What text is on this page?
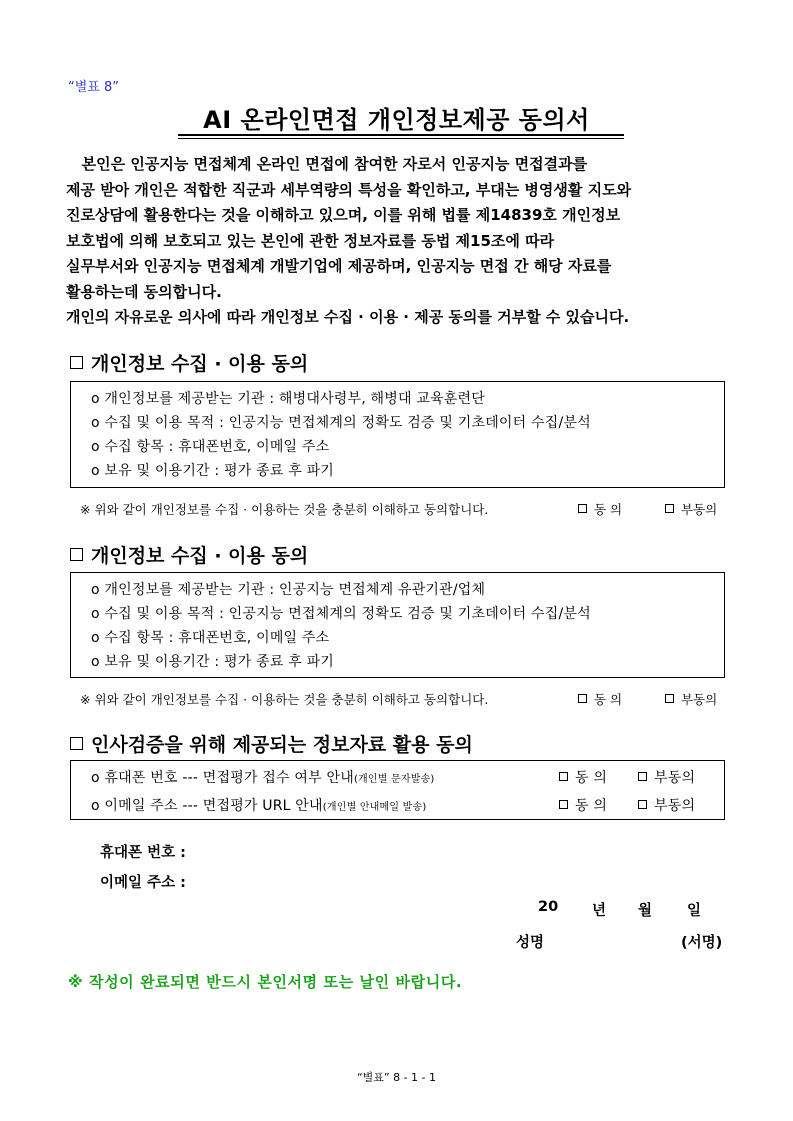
“별표 8”
AI 온라인면접 개인정보제공 동의서
본인은 인공지능 면접체계 온라인 면접에 참여한 자로서 인공지능 면접결과를
제공 받아 개인은 적합한 직군과 세부역량의 특성을 확인하고, 부대는 병영생활 지도와
진로상담에 활용한다는 것을 이해하고 있으며, 이를 위해 법률 제14839호 개인정보
보호법에 의해 보호되고 있는 본인에 관한 정보자료를 동법 제15조에 따라
실무부서와 인공지능 면접체계 개발기업에 제공하며, 인공지능 면접 간 해당 자료를
활용하는데 동의합니다.
개인의 자유로운 의사에 따라 개인정보 수집 · 이용 · 제공 동의를 거부할 수 있습니다.
개인정보 수집 · 이용 동의
o 개인정보를 제공받는 기관 : 해병대사령부, 해병대 교육훈련단
o 수집 및 이용 목적 : 인공지능 면접체계의 정확도 검증 및 기초데이터 수집/분석
o 수집 항목 : 휴대폰번호, 이메일 주소
o 보유 및 이용기간 : 평가 종료 후 파기
※ 위와 같이 개인정보를 수집 · 이용하는 것을 충분히 이해하고 동의합니다.	동 의	부동의
개인정보 수집 · 이용 동의
o 개인정보를 제공받는 기관 : 인공지능 면접체계 유관기관/업체
o 수집 및 이용 목적 : 인공지능 면접체계의 정확도 검증 및 기초데이터 수집/분석
o 수집 항목 : 휴대폰번호, 이메일 주소
o 보유 및 이용기간 : 평가 종료 후 파기
※ 위와 같이 개인정보를 수집 · 이용하는 것을 충분히 이해하고 동의합니다.	동 의	부동의
인사검증을 위해 제공되는 정보자료 활용 동의
o 휴대폰 번호 --- 면접평가 접수 여부 안내(개인별 문자발송)	동 의	부동의
o 이메일 주소 --- 면접평가 URL 안내(개인별 안내메일 발송)	동 의	부동의
휴대폰 번호 :
이메일 주소 :
20 년 월 일
성명	(서명)
※ 작성이 완료되면 반드시 본인서명 또는 날인 바랍니다.
“별표” 8 - 1 - 1
